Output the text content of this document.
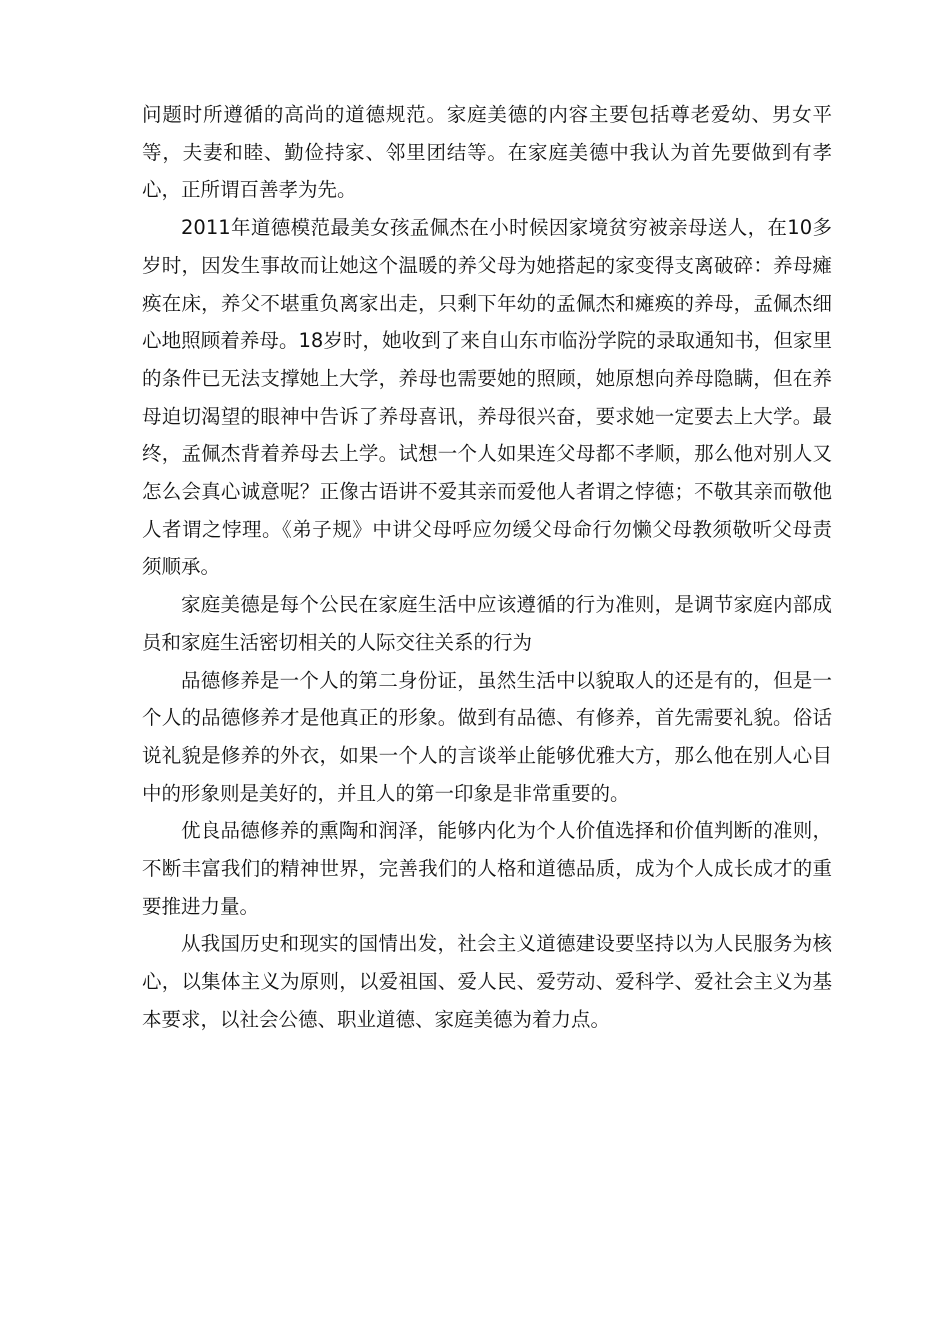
问题时所遵循的高尚的道德规范。家庭美德的内容主要包括尊老爱幼、男女平等，夫妻和睦、勤俭持家、邻里团结等。在家庭美德中我认为首先要做到有孝心，正所谓百善孝为先。

2011年道德模范最美女孩孟佩杰在小时候因家境贫穷被亲母送人，在10多岁时，因发生事故而让她这个温暖的养父母为她搭起的家变得支离破碎：养母瘫痪在床，养父不堪重负离家出走，只剩下年幼的孟佩杰和瘫痪的养母，孟佩杰细心地照顾着养母。18岁时，她收到了来自山东市临汾学院的录取通知书，但家里的条件已无法支撑她上大学，养母也需要她的照顾，她原想向养母隐瞒，但在养母迫切渴望的眼神中告诉了养母喜讯，养母很兴奋，要求她一定要去上大学。最终，孟佩杰背着养母去上学。试想一个人如果连父母都不孝顺，那么他对别人又怎么会真心诚意呢？正像古语讲不爱其亲而爱他人者谓之悖德；不敬其亲而敬他人者谓之悖理。《弟子规》中讲父母呼应勿缓父母命行勿懒父母教须敬听父母责须顺承。

家庭美德是每个公民在家庭生活中应该遵循的行为准则，是调节家庭内部成员和家庭生活密切相关的人际交往关系的行为

品德修养是一个人的第二身份证，虽然生活中以貌取人的还是有的，但是一个人的品德修养才是他真正的形象。做到有品德、有修养，首先需要礼貌。俗话说礼貌是修养的外衣，如果一个人的言谈举止能够优雅大方，那么他在别人心目中的形象则是美好的，并且人的第一印象是非常重要的。

优良品德修养的熏陶和润泽，能够内化为个人价值选择和价值判断的准则，不断丰富我们的精神世界，完善我们的人格和道德品质，成为个人成长成才的重要推进力量。

从我国历史和现实的国情出发，社会主义道德建设要坚持以为人民服务为核心，以集体主义为原则，以爱祖国、爱人民、爱劳动、爱科学、爱社会主义为基本要求，以社会公德、职业道德、家庭美德为着力点。
